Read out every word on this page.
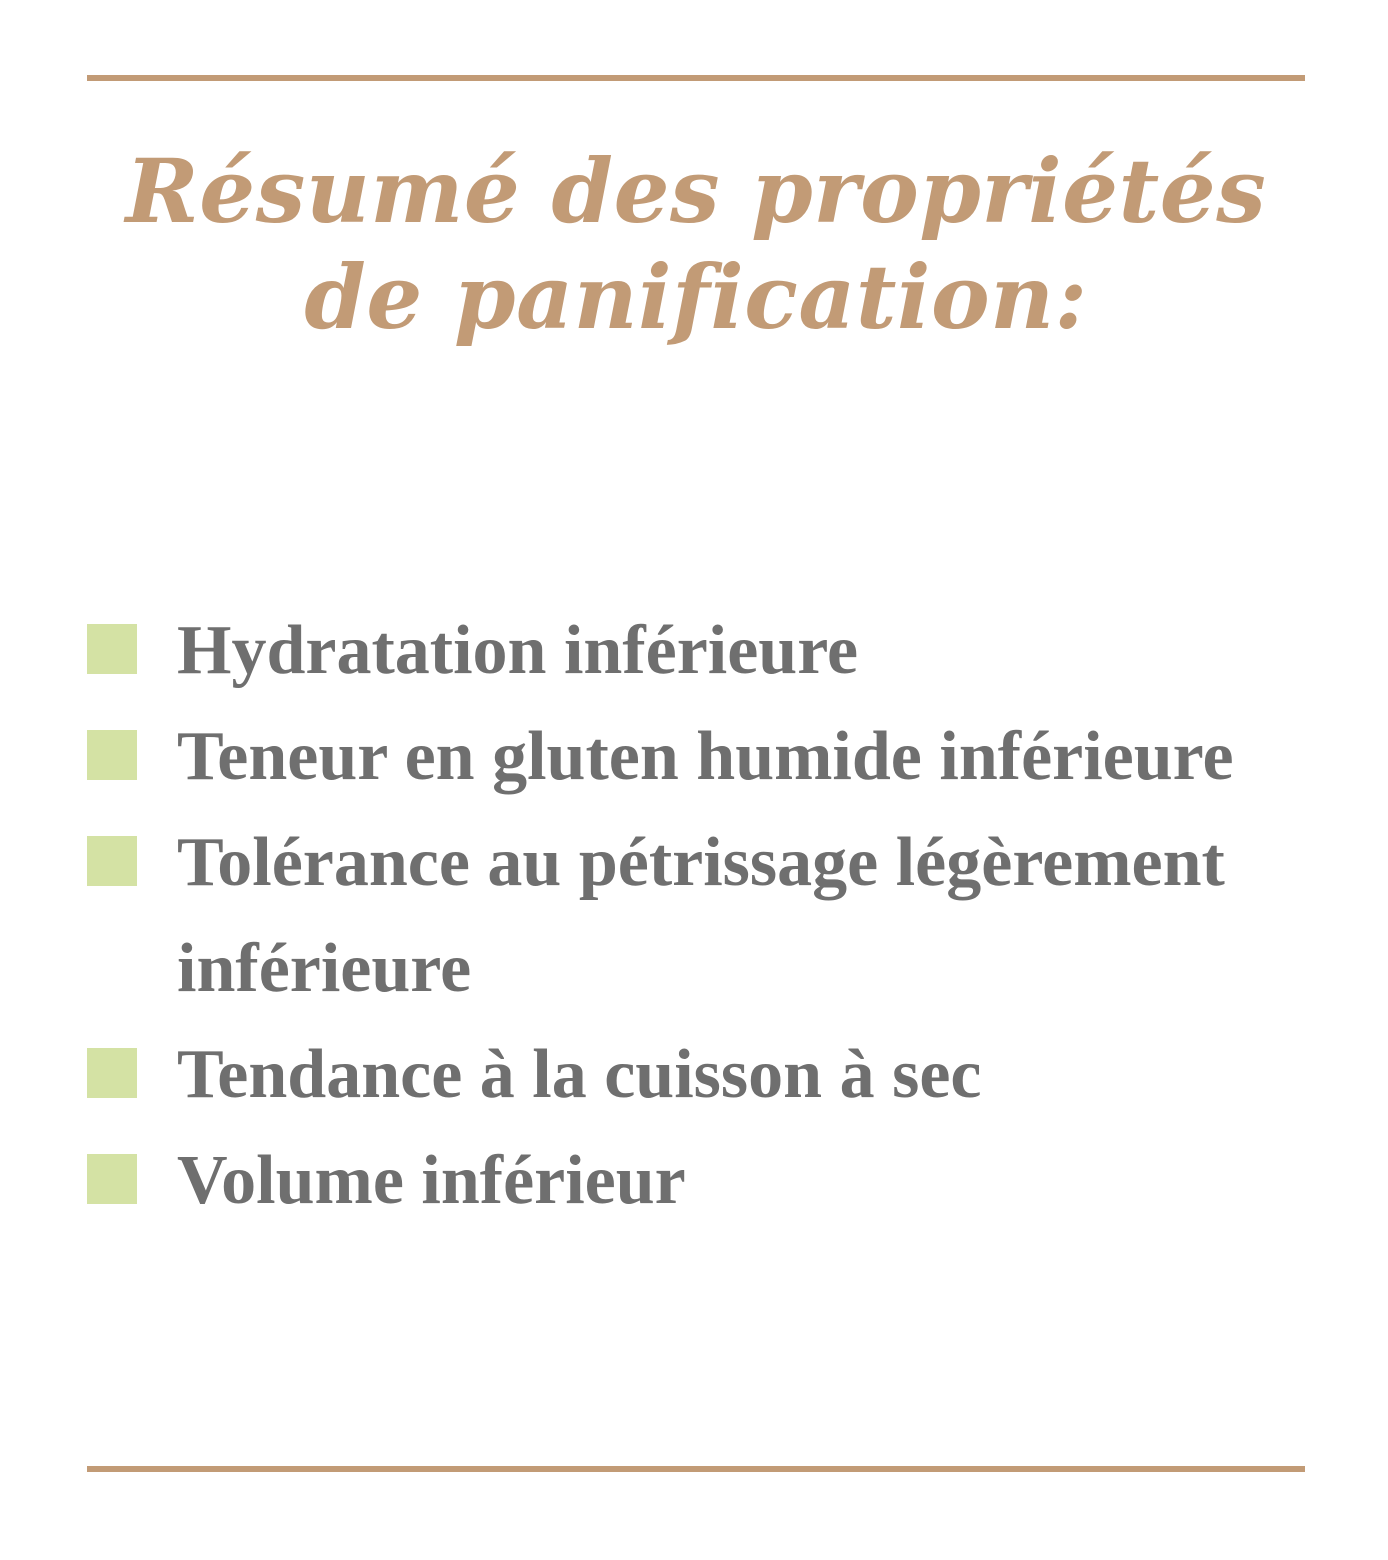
Résumé des propriétés
de panification:
Hydratation inférieure
Teneur en gluten humide inférieure
Tolérance au pétrissage légèrement inférieure
Tendance à la cuisson à sec
Volume inférieur
